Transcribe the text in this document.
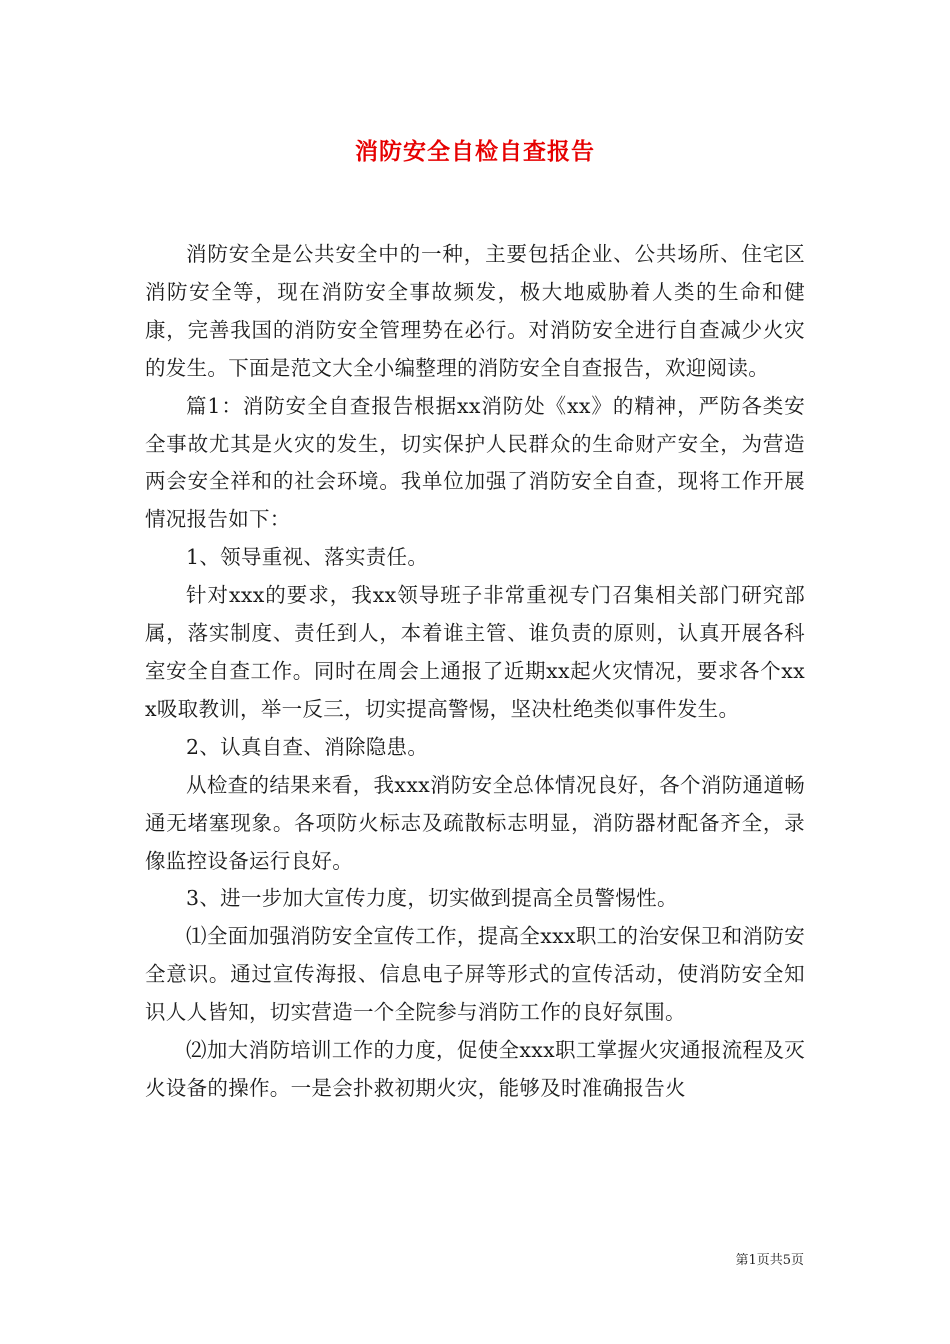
消防安全自检自查报告

消防安全是公共安全中的一种，主要包括企业、公共场所、住宅区消防安全等，现在消防安全事故频发，极大地威胁着人类的生命和健康，完善我国的消防安全管理势在必行。对消防安全进行自查减少火灾的发生。下面是范文大全小编整理的消防安全自查报告，欢迎阅读。

篇1：消防安全自查报告根据xx消防处《xx》的精神，严防各类安全事故尤其是火灾的发生，切实保护人民群众的生命财产安全，为营造两会安全祥和的社会环境。我单位加强了消防安全自查，现将工作开展情况报告如下：

1、领导重视、落实责任。

针对xxx的要求，我xx领导班子非常重视专门召集相关部门研究部属，落实制度、责任到人，本着谁主管、谁负责的原则，认真开展各科室安全自查工作。同时在周会上通报了近期xx起火灾情况，要求各个xxx吸取教训，举一反三，切实提高警惕，坚决杜绝类似事件发生。

2、认真自查、消除隐患。

从检查的结果来看，我xxx消防安全总体情况良好，各个消防通道畅通无堵塞现象。各项防火标志及疏散标志明显，消防器材配备齐全，录像监控设备运行良好。

3、进一步加大宣传力度，切实做到提高全员警惕性。

⑴全面加强消防安全宣传工作，提高全xxx职工的治安保卫和消防安全意识。通过宣传海报、信息电子屏等形式的宣传活动，使消防安全知识人人皆知，切实营造一个全院参与消防工作的良好氛围。

⑵加大消防培训工作的力度，促使全xxx职工掌握火灾通报流程及灭火设备的操作。一是会扑救初期火灾，能够及时准确报告火

第1页共5页
